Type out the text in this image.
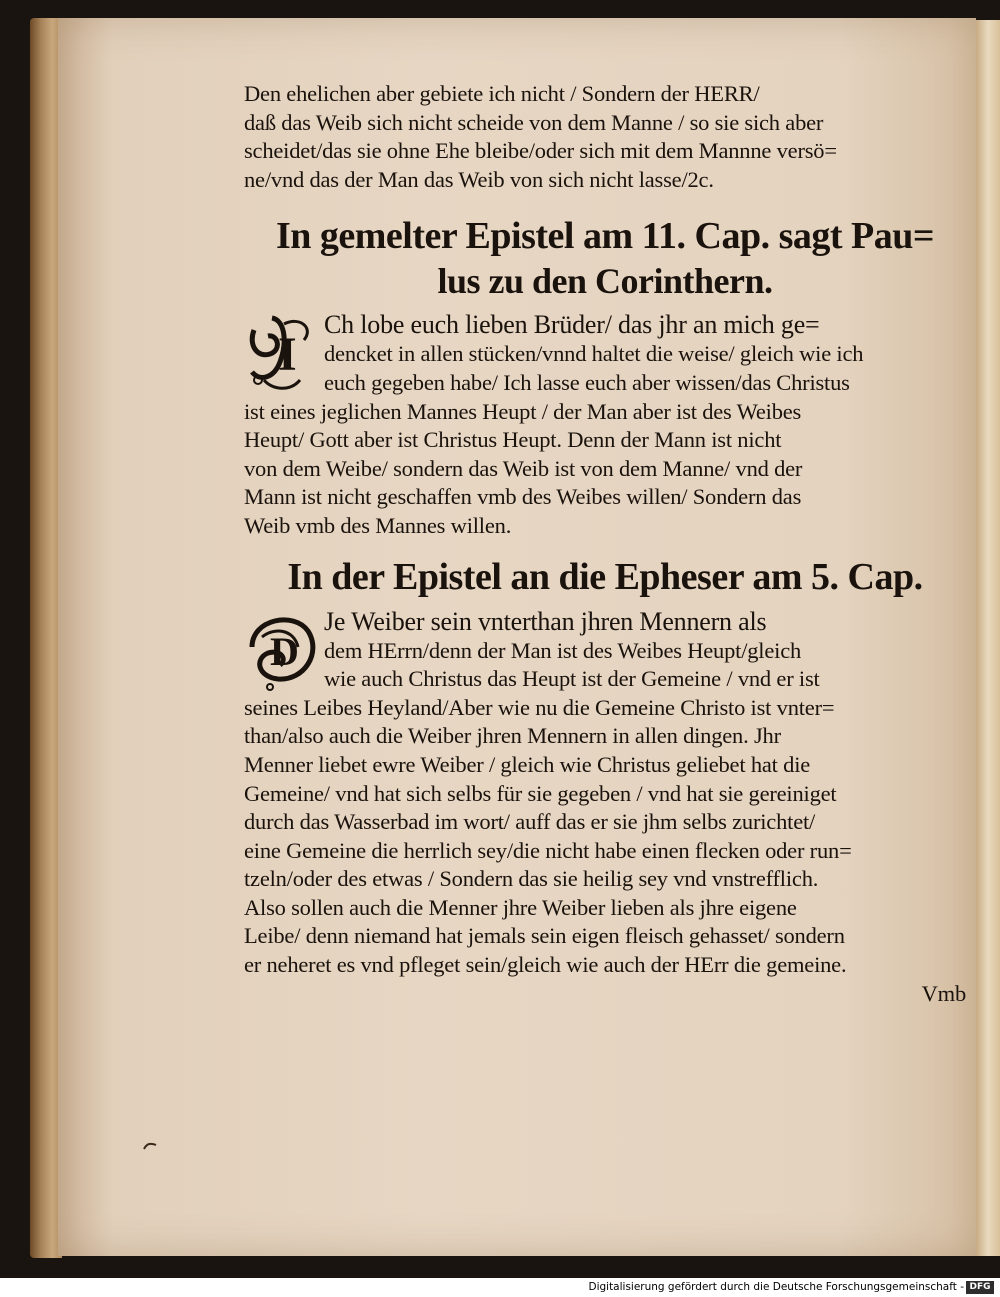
Den ehelichen aber gebiete ich nicht / Sondern der HERR/
daß das Weib sich nicht scheide von dem Manne / so sie sich aber
scheidet/das sie ohne Ehe bleibe/oder sich mit dem Mannne versö=
ne/vnd das der Man das Weib von sich nicht lasse/2c.
In gemelter Epistel am 11. Cap. sagt Pau=
lus zu den Corinthern.
I
Ch lobe euch lieben Brüder/ das jhr an mich ge=
dencket in allen stücken/vnnd haltet die weise/ gleich wie ich
euch gegeben habe/ Ich lasse euch aber wissen/das Christus
ist eines jeglichen Mannes Heupt / der Man aber ist des Weibes
Heupt/ Gott aber ist Christus Heupt. Denn der Mann ist nicht
von dem Weibe/ sondern das Weib ist von dem Manne/ vnd der
Mann ist nicht geschaffen vmb des Weibes willen/ Sondern das
Weib vmb des Mannes willen.
In der Epistel an die Epheser am 5. Cap.
D
Je Weiber sein vnterthan jhren Mennern als
dem HErrn/denn der Man ist des Weibes Heupt/gleich
wie auch Christus das Heupt ist der Gemeine / vnd er ist
seines Leibes Heyland/Aber wie nu die Gemeine Christo ist vnter=
than/also auch die Weiber jhren Mennern in allen dingen. Jhr
Menner liebet ewre Weiber / gleich wie Christus geliebet hat die
Gemeine/ vnd hat sich selbs für sie gegeben / vnd hat sie gereiniget
durch das Wasserbad im wort/ auff das er sie jhm selbs zurichtet/
eine Gemeine die herrlich sey/die nicht habe einen flecken oder run=
tzeln/oder des etwas / Sondern das sie heilig sey vnd vnstrefflich.
Also sollen auch die Menner jhre Weiber lieben als jhre eigene
Leibe/ denn niemand hat jemals sein eigen fleisch gehasset/ sondern
er neheret es vnd pfleget sein/gleich wie auch der HErr die gemeine.
Vmb
Digitalisierung gefördert durch die Deutsche Forschungsgemeinschaft - DFG
